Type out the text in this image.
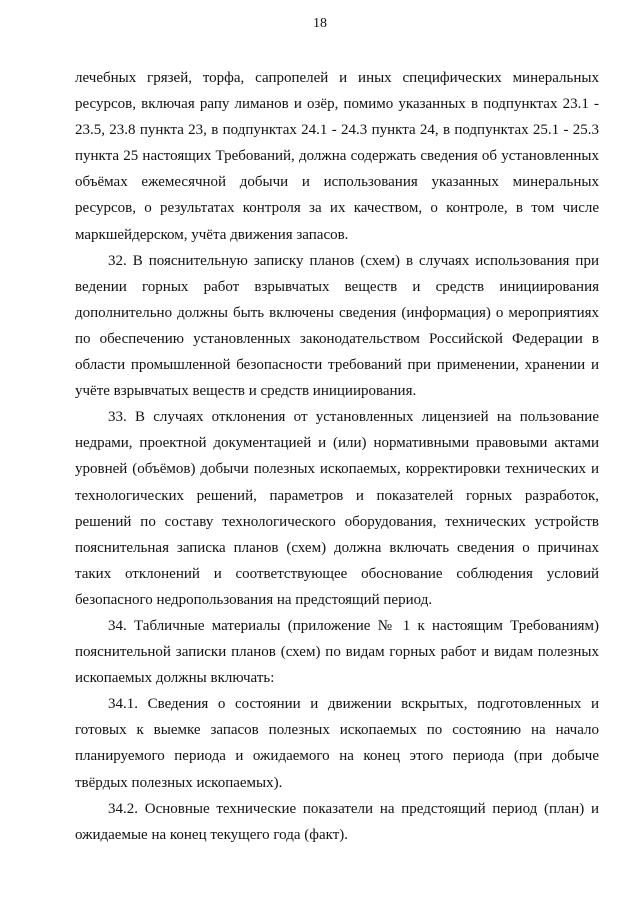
18

лечебных грязей, торфа, сапропелей и иных специфических минеральных ресурсов, включая рапу лиманов и озёр, помимо указанных в подпунктах 23.1 - 23.5, 23.8 пункта 23, в подпунктах 24.1 - 24.3 пункта 24, в подпунктах 25.1 - 25.3 пункта 25 настоящих Требований, должна содержать сведения об установленных объёмах ежемесячной добычи и использования указанных минеральных ресурсов, о результатах контроля за их качеством, о контроле, в том числе маркшейдерском, учёта движения запасов.

32. В пояснительную записку планов (схем) в случаях использования при ведении горных работ взрывчатых веществ и средств инициирования дополнительно должны быть включены сведения (информация) о мероприятиях по обеспечению установленных законодательством Российской Федерации в области промышленной безопасности требований при применении, хранении и учёте взрывчатых веществ и средств инициирования.

33. В случаях отклонения от установленных лицензией на пользование недрами, проектной документацией и (или) нормативными правовыми актами уровней (объёмов) добычи полезных ископаемых, корректировки технических и технологических решений, параметров и показателей горных разработок, решений по составу технологического оборудования, технических устройств пояснительная записка планов (схем) должна включать сведения о причинах таких отклонений и соответствующее обоснование соблюдения условий безопасного недропользования на предстоящий период.

34. Табличные материалы (приложение № 1 к настоящим Требованиям) пояснительной записки планов (схем) по видам горных работ и видам полезных ископаемых должны включать:

34.1. Сведения о состоянии и движении вскрытых, подготовленных и готовых к выемке запасов полезных ископаемых по состоянию на начало планируемого периода и ожидаемого на конец этого периода (при добыче твёрдых полезных ископаемых).

34.2. Основные технические показатели на предстоящий период (план) и ожидаемые на конец текущего года (факт).
